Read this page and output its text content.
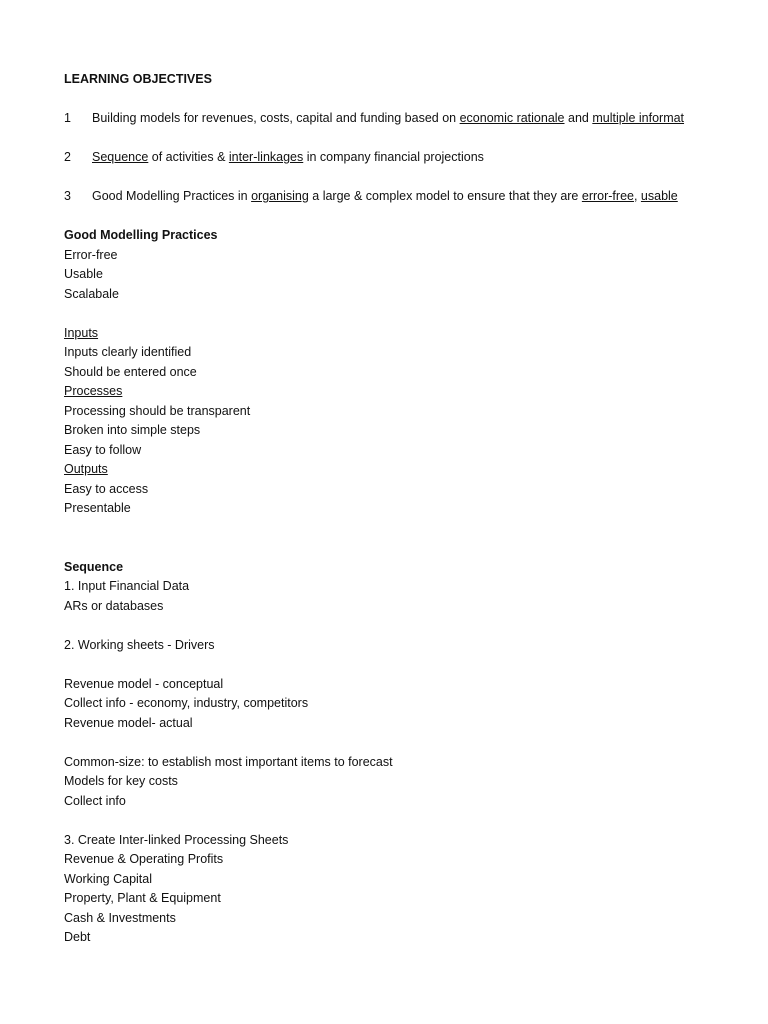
LEARNING OBJECTIVES
1	Building models for revenues, costs, capital and funding based on economic rationale and multiple informat
2	Sequence of activities & inter-linkages in company financial projections
3	Good Modelling Practices in organising a large & complex model to ensure that they are error-free, usable
Good Modelling Practices
Error-free
Usable
Scalabale
Inputs
Inputs clearly identified
Should be entered once
Processes
Processing should be transparent
Broken into simple steps
Easy to follow
Outputs
Easy to access
Presentable
Sequence
1. Input Financial Data
ARs or databases
2. Working sheets - Drivers
Revenue model - conceptual
Collect info - economy, industry, competitors
Revenue model- actual
Common-size: to establish most important items to forecast
Models for key costs
Collect info
3. Create Inter-linked Processing Sheets
Revenue & Operating Profits
Working Capital
Property, Plant & Equipment
Cash & Investments
Debt
